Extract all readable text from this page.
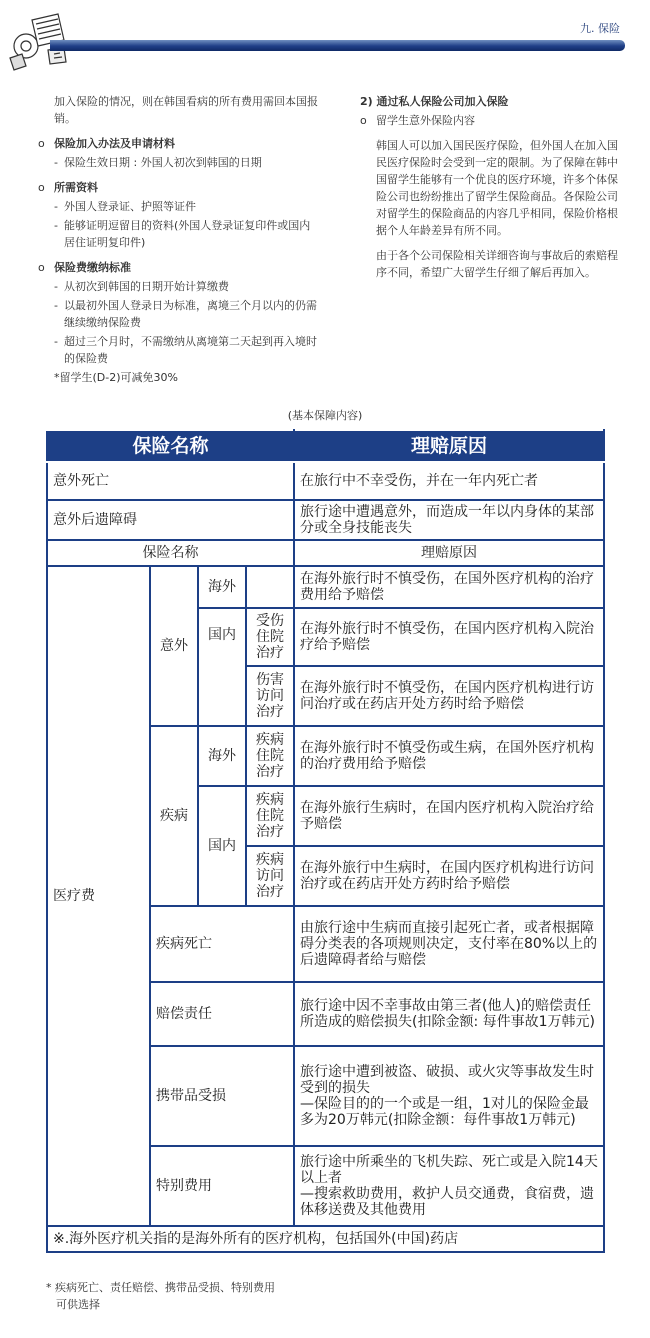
九. 保险

加入保险的情况，则在韩国看病的所有费用需回本国报销。

o 保险加入办法及申请材料
- 保险生效日期 : 外国人初次到韩国的日期
o 所需资料
- 外国人登录证、护照等证件
- 能够证明逗留目的资料(外国人登录证复印件或国内居住证明复印件)
o 保险费缴纳标准
- 从初次到韩国的日期开始计算缴费
- 以最初外国人登录日为标准，离境三个月以内的仍需继续缴纳保险费
- 超过三个月时，不需缴纳从离境第二天起到再入境时的保险费
*留学生(D-2)可减免30%

2) 通过私人保险公司加入保险

o 留学生意外保险内容

韩国人可以加入国民医疗保险，但外国人在加入国民医疗保险时会受到一定的限制。为了保障在韩中国留学生能够有一个优良的医疗环境，许多个体保险公司也纷纷推出了留学生保险商品。各保险公司对留学生的保险商品的内容几乎相同，保险价格根据个人年龄差异有所不同。

由于各个公司保险相关详细咨询与事故后的索赔程序不同，希望广大留学生仔细了解后再加入。

(基本保障内容)
保险名称				理赔原因
意外死亡				在旅行中不幸受伤，并在一年内死亡者
意外后遗障碍				旅行途中遭遇意外，而造成一年以内身体的某部分或全身技能丧失
保险名称				理赔原因
医疗费	意外	海外		在海外旅行时不慎受伤，在国外医疗机构的治疗费用给予赔偿
		国内	受伤住院治疗	在海外旅行时不慎受伤，在国内医疗机构入院治疗给予赔偿
			伤害访问治疗	在海外旅行时不慎受伤，在国内医疗机构进行访问治疗或在药店开处方药时给予赔偿
	疾病	海外	疾病住院治疗	在海外旅行时不慎受伤或生病，在国外医疗机构的治疗费用给予赔偿
		国内	疾病住院治疗	在海外旅行生病时，在国内医疗机构入院治疗给予赔偿
			疾病访问治疗	在海外旅行中生病时，在国内医疗机构进行访问治疗或在药店开处方药时给予赔偿
	疾病死亡			由旅行途中生病而直接引起死亡者，或者根据障碍分类表的各项规则决定，支付率在80%以上的后遗障碍者给与赔偿
	赔偿责任			旅行途中因不幸事故由第三者(他人)的赔偿责任所造成的赔偿损失(扣除金额: 每件事故1万韩元)
	携带品受损			旅行途中遭到被盗、破损、或火灾等事故发生时受到的损失
—保险目的的一个或是一组，1对儿的保险金最多为20万韩元(扣除金额：每件事故1万韩元)

	特别费用			旅行途中所乘坐的飞机失踪、死亡或是入院14天以上者
—搜索救助费用，救护人员交通费，食宿费，遗体移送费及其他费用

※.海外医疗机关指的是海外所有的医疗机构，包括国外(中国)药店				
* 疾病死亡、责任赔偿、携带品受损、特别费用
可供选择
